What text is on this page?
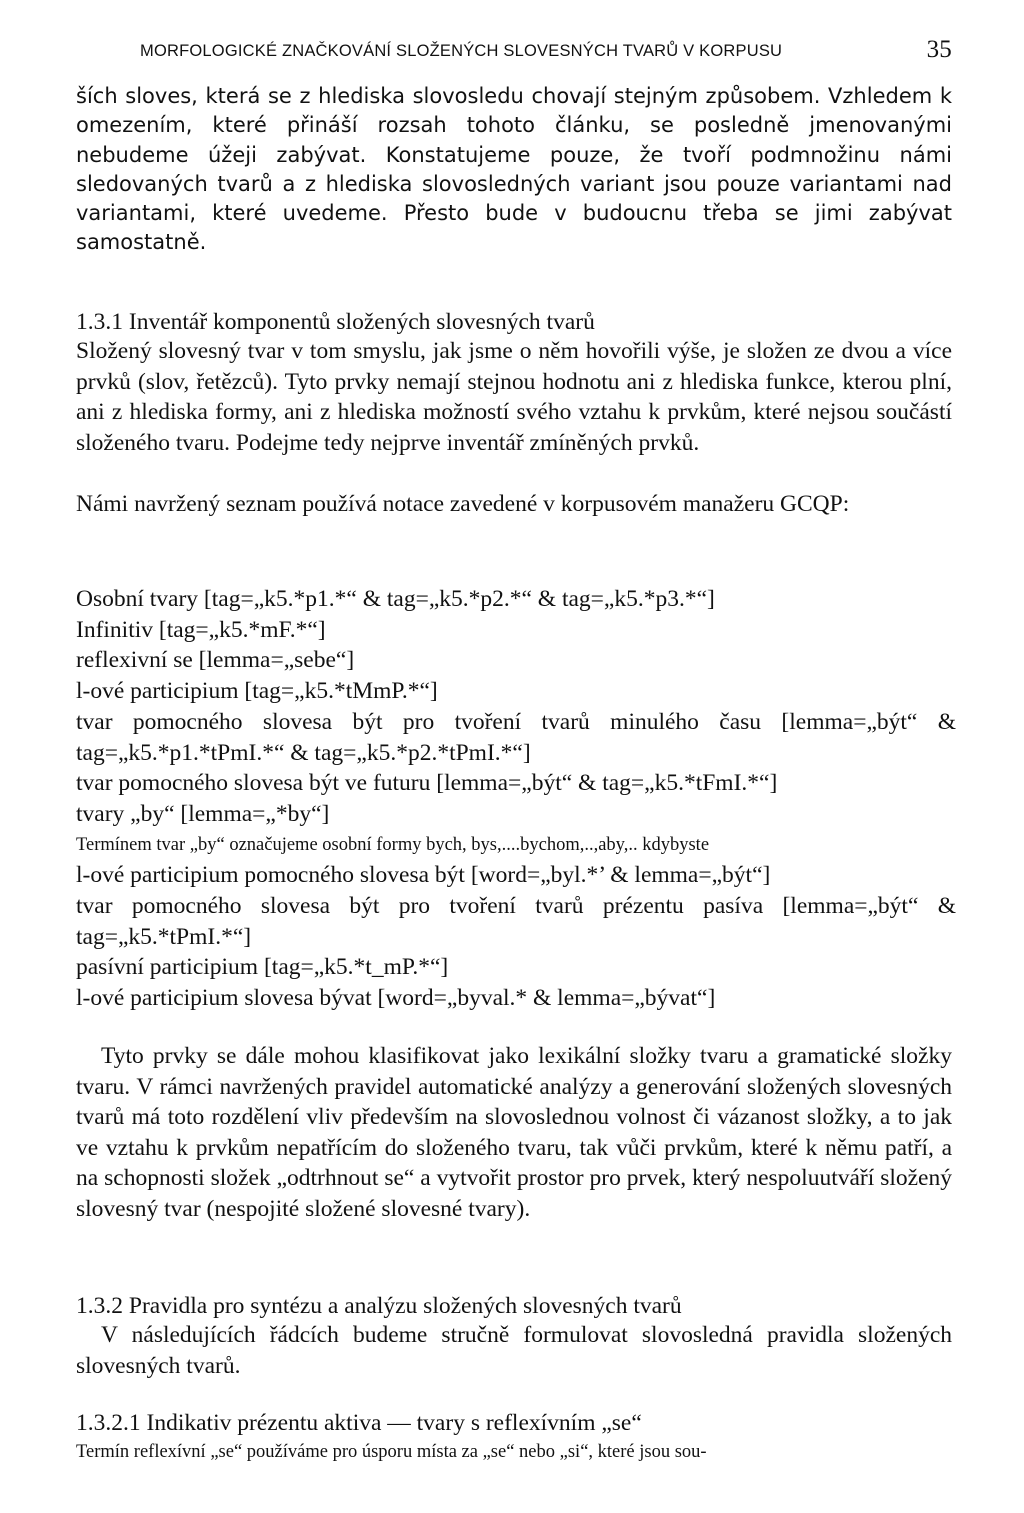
MORFOLOGICKÉ ZNAČKOVÁNÍ SLOŽENÝCH SLOVESNÝCH TVARŮ V KORPUSU	35

ších sloves, která se z hlediska slovosledu chovají stejným způsobem. Vzhledem k omezením, které přináší rozsah tohoto článku, se posledně jmenovanými nebudeme úžeji zabývat. Konstatujeme pouze, že tvoří podmnožinu námi sledovaných tvarů a z hlediska slovosledných variant jsou pouze variantami nad variantami, které uvedeme. Přesto bude v budoucnu třeba se jimi zabývat samostatně.

1.3.1 Inventář komponentů složených slovesných tvarů

Složený slovesný tvar v tom smyslu, jak jsme o něm hovořili výše, je složen ze dvou a více prvků (slov, řetězců). Tyto prvky nemají stejnou hodnotu ani z hlediska funkce, kterou plní, ani z hlediska formy, ani z hlediska možností svého vztahu k prvkům, které nejsou součástí složeného tvaru. Podejme tedy nejprve inventář zmíněných prvků.

Námi navržený seznam používá notace zavedené v korpusovém manažeru GCQP:

Osobní tvary [tag=„k5.*p1.*“ & tag=„k5.*p2.*“ & tag=„k5.*p3.*“]
Infinitiv [tag=„k5.*mF.*“]
reflexivní se [lemma=„sebe“]
l-ové participium [tag=„k5.*tMmP.*“]
tvar pomocného slovesa být pro tvoření tvarů minulého času [lemma=„být“ & tag=„k5.*p1.*tPmI.*“ & tag=„k5.*p2.*tPmI.*“]
tvar pomocného slovesa být ve futuru [lemma=„být“ & tag=„k5.*tFmI.*“]
tvary „by“ [lemma=„*by“]
Termínem tvar „by“ označujeme osobní formy bych, bys,....bychom,..,aby,.. kdybyste
l-ové participium pomocného slovesa být [word=„byl.*’ & lemma=„být“]
tvar pomocného slovesa být pro tvoření tvarů prézentu pasíva [lemma=„být“ & tag=„k5.*tPmI.*“]
pasívní participium [tag=„k5.*t_mP.*“]
l-ové participium slovesa bývat [word=„byval.* & lemma=„bývat“]

Tyto prvky se dále mohou klasifikovat jako lexikální složky tvaru a gramatické složky tvaru. V rámci navržených pravidel automatické analýzy a generování složených slovesných tvarů má toto rozdělení vliv především na slovoslednou volnost či vázanost složky, a to jak ve vztahu k prvkům nepatřícím do složeného tvaru, tak vůči prvkům, které k němu patří, a na schopnosti složek „odtrhnout se“ a vytvořit prostor pro prvek, který nespoluutváří složený slovesný tvar (nespojité složené slovesné tvary).

1.3.2 Pravidla pro syntézu a analýzu složených slovesných tvarů

V následujících řádcích budeme stručně formulovat slovosledná pravidla složených slovesných tvarů.

1.3.2.1 Indikativ prézentu aktiva — tvary s reflexívním „se“

Termín reflexívní „se“ používáme pro úsporu místa za „se“ nebo „si“, které jsou sou-
